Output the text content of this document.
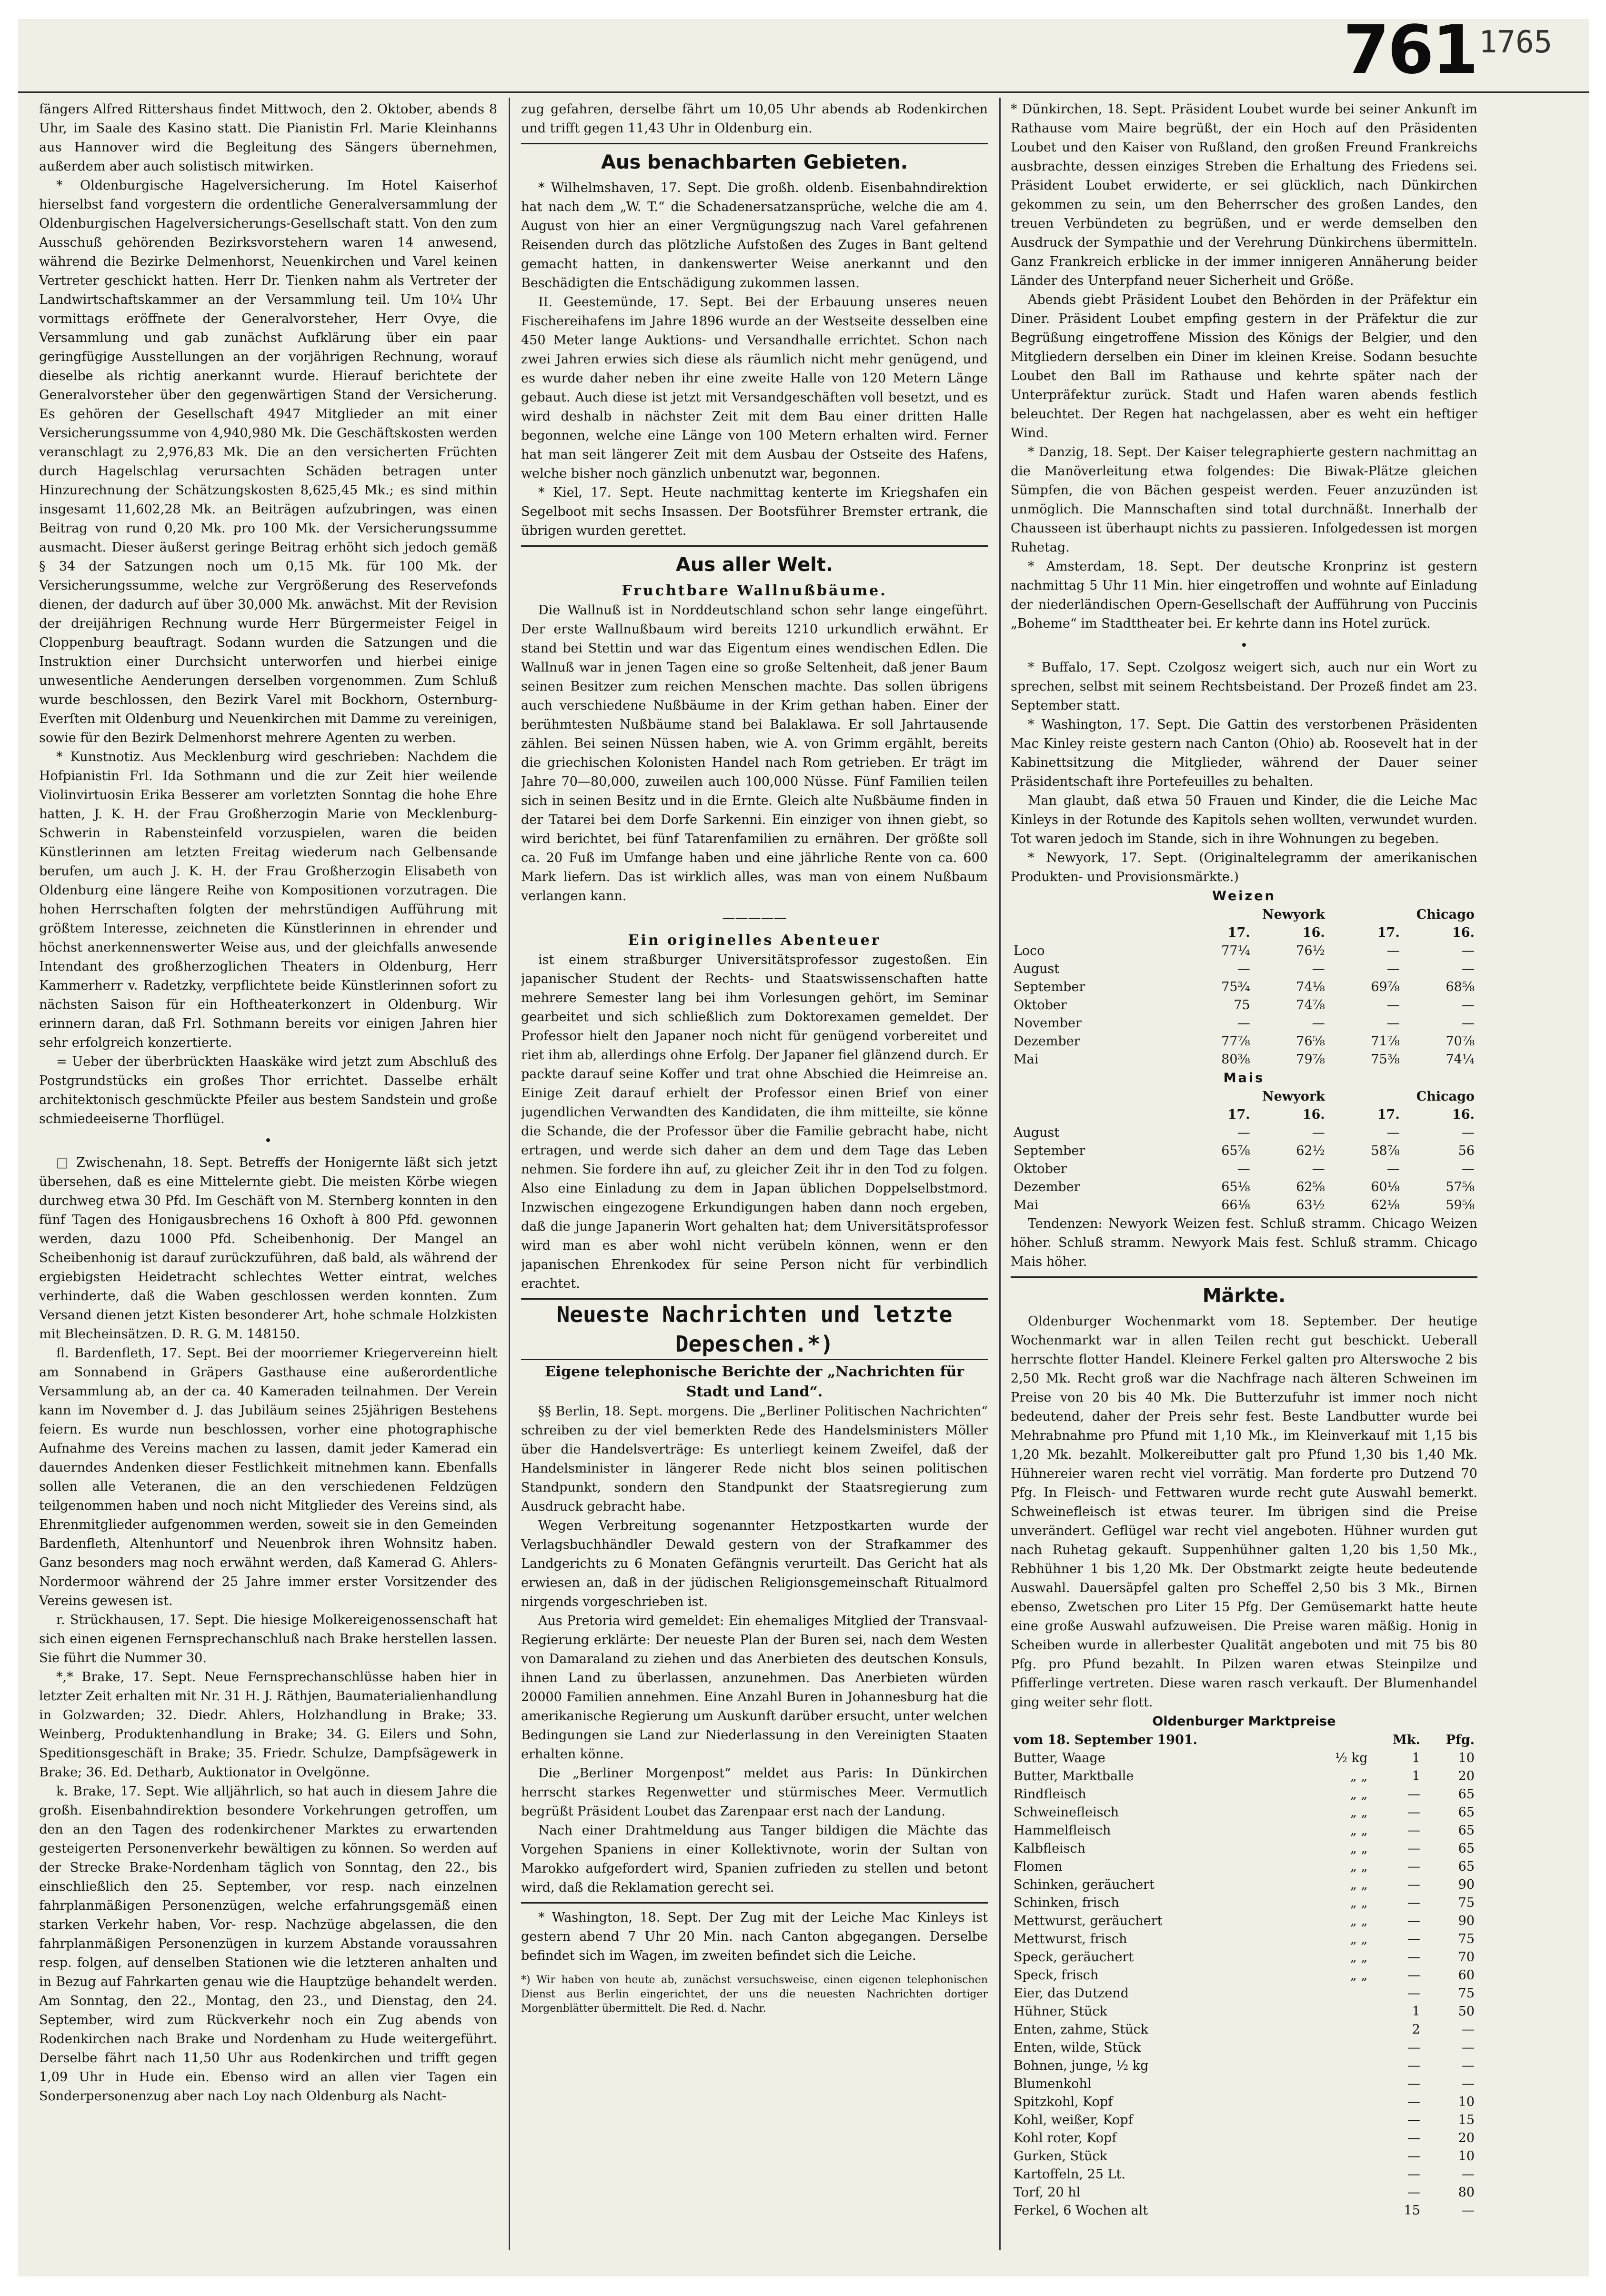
761 1765

fängers Alfred Rittershaus findet Mittwoch, den 2. Oktober, abends 8 Uhr, im Saale des Kasino statt. Die Pianistin Frl. Marie Kleinhanns aus Hannover wird die Begleitung des Sängers übernehmen, außerdem aber auch solistisch mitwirken.

* Oldenburgische Hagelversicherung. Im Hotel Kaiserhof hierselbst fand vorgestern die ordentliche Generalversammlung der Oldenburgischen Hagelversicherungs-Gesellschaft statt. Von den zum Ausschuß gehörenden Bezirksvorstehern waren 14 anwesend, während die Bezirke Delmenhorst, Neuenkirchen und Varel keinen Vertreter geschickt hatten. Herr Dr. Tienken nahm als Vertreter der Landwirtschaftskammer an der Versammlung teil. Um 10¼ Uhr vormittags eröffnete der Generalvorsteher, Herr Ovye, die Versammlung und gab zunächst Aufklärung über ein paar geringfügige Ausstellungen an der vorjährigen Rechnung, worauf dieselbe als richtig anerkannt wurde. Hierauf berichtete der Generalvorsteher über den gegenwärtigen Stand der Versicherung. Es gehören der Gesellschaft 4947 Mitglieder an mit einer Versicherungssumme von 4,940,980 Mk. Die Geschäftskosten werden veranschlagt zu 2,976,83 Mk. Die an den versicherten Früchten durch Hagelschlag verursachten Schäden betragen unter Hinzurechnung der Schätzungskosten 8,625,45 Mk.; es sind mithin insgesamt 11,602,28 Mk. an Beiträgen aufzubringen, was einen Beitrag von rund 0,20 Mk. pro 100 Mk. der Versicherungssumme ausmacht. Dieser äußerst geringe Beitrag erhöht sich jedoch gemäß § 34 der Satzungen noch um 0,15 Mk. für 100 Mk. der Versicherungssumme, welche zur Vergrößerung des Reservefonds dienen, der dadurch auf über 30,000 Mk. anwächst. Mit der Revision der dreijährigen Rechnung wurde Herr Bürgermeister Feigel in Cloppenburg beauftragt. Sodann wurden die Satzungen und die Instruktion einer Durchsicht unterworfen und hierbei einige unwesentliche Aenderungen derselben vorgenommen. Zum Schluß wurde beschlossen, den Bezirk Varel mit Bockhorn, Osternburg-Everſten mit Oldenburg und Neuenkirchen mit Damme zu vereinigen, sowie für den Bezirk Delmenhorst mehrere Agenten zu werben.

* Kunstnotiz. Aus Mecklenburg wird geschrieben: Nachdem die Hofpianistin Frl. Ida Sothmann und die zur Zeit hier weilende Violinvirtuosin Erika Besserer am vorletzten Sonntag die hohe Ehre hatten, J. K. H. der Frau Großherzogin Marie von Mecklenburg-Schwerin in Rabensteinfeld vorzuspielen, waren die beiden Künstlerinnen am letzten Freitag wiederum nach Gelbensande berufen, um auch J. K. H. der Frau Großherzogin Elisabeth von Oldenburg eine längere Reihe von Kompositionen vorzutragen. Die hohen Herrschaften folgten der mehrstündigen Aufführung mit größtem Interesse, zeichneten die Künstlerinnen in ehrender und höchst anerkennenswerter Weise aus, und der gleichfalls anwesende Intendant des großherzoglichen Theaters in Oldenburg, Herr Kammerherr v. Radetzky, verpflichtete beide Künstlerinnen sofort zu nächsten Saison für ein Hoftheaterkonzert in Oldenburg. Wir erinnern daran, daß Frl. Sothmann bereits vor einigen Jahren hier sehr erfolgreich konzertierte.

= Ueber der überbrückten Haaskäke wird jetzt zum Abschluß des Postgrundstücks ein großes Thor errichtet. Dasselbe erhält architektonisch geschmückte Pfeiler aus bestem Sandstein und große schmiedeeiserne Thorflügel.

•

□ Zwischenahn, 18. Sept. Betreffs der Honigernte läßt sich jetzt übersehen, daß es eine Mittelernte giebt. Die meisten Körbe wiegen durchweg etwa 30 Pfd. Im Geschäft von M. Sternberg konnten in den fünf Tagen des Honigausbrechens 16 Oxhoft à 800 Pfd. gewonnen werden, dazu 1000 Pfd. Scheibenhonig. Der Mangel an Scheibenhonig ist darauf zurückzuführen, daß bald, als während der ergiebigsten Heidetracht schlechtes Wetter eintrat, welches verhinderte, daß die Waben geschlossen werden konnten. Zum Versand dienen jetzt Kisten besonderer Art, hohe schmale Holzkisten mit Blecheinsätzen. D. R. G. M. 148150.

fl. Bardenfleth, 17. Sept. Bei der moorriemer Kriegervereinn hielt am Sonnabend in Gräpers Gasthause eine außerordentliche Versammlung ab, an der ca. 40 Kameraden teilnahmen. Der Verein kann im November d. J. das Jubiläum seines 25jährigen Bestehens feiern. Es wurde nun beschlossen, vorher eine photographische Aufnahme des Vereins machen zu lassen, damit jeder Kamerad ein dauerndes Andenken dieser Festlichkeit mitnehmen kann. Ebenfalls sollen alle Veteranen, die an den verschiedenen Feldzügen teilgenommen haben und noch nicht Mitglieder des Vereins sind, als Ehrenmitglieder aufgenommen werden, soweit sie in den Gemeinden Bardenfleth, Altenhuntorf und Neuenbrok ihren Wohnsitz haben. Ganz besonders mag noch erwähnt werden, daß Kamerad G. Ahlers-Nordermoor während der 25 Jahre immer erster Vorsitzender des Vereins gewesen ist.

r. Strückhausen, 17. Sept. Die hiesige Molkereigenossenschaft hat sich einen eigenen Fernsprechanschluß nach Brake herstellen lassen. Sie führt die Nummer 30.

*,* Brake, 17. Sept. Neue Fernsprechanschlüsse haben hier in letzter Zeit erhalten mit Nr. 31 H. J. Räthjen, Baumaterialienhandlung in Golzwarden; 32. Diedr. Ahlers, Holzhandlung in Brake; 33. Weinberg, Produktenhandlung in Brake; 34. G. Eilers und Sohn, Speditionsgeschäft in Brake; 35. Friedr. Schulze, Dampfsägewerk in Brake; 36. Ed. Detharb, Auktionator in Ovelgönne.

k. Brake, 17. Sept. Wie alljährlich, so hat auch in diesem Jahre die großh. Eisenbahndirektion besondere Vorkehrungen getroffen, um den an den Tagen des rodenkirchener Marktes zu erwartenden gesteigerten Personenverkehr bewältigen zu können. So werden auf der Strecke Brake-Nordenham täglich von Sonntag, den 22., bis einschließlich den 25. September, vor resp. nach einzelnen fahrplanmäßigen Personenzügen, welche erfahrungsgemäß einen starken Verkehr haben, Vor- resp. Nachzüge abgelassen, die den fahrplanmäßigen Personenzügen in kurzem Abstande voraussahren resp. folgen, auf denselben Stationen wie die letzteren anhalten und in Bezug auf Fahrkarten genau wie die Hauptzüge behandelt werden. Am Sonntag, den 22., Montag, den 23., und Dienstag, den 24. September, wird zum Rückverkehr noch ein Zug abends von Rodenkirchen nach Brake und Nordenham zu Hude weitergeführt. Derselbe fährt nach 11,50 Uhr aus Rodenkirchen und trifft gegen 1,09 Uhr in Hude ein. Ebenso wird an allen vier Tagen ein Sonderpersonenzug aber nach Loy nach Oldenburg als Nacht-

zug gefahren, derselbe fährt um 10,05 Uhr abends ab Rodenkirchen und trifft gegen 11,43 Uhr in Oldenburg ein.

Aus benachbarten Gebieten.

* Wilhelmshaven, 17. Sept. Die großh. oldenb. Eisenbahndirektion hat nach dem „W. T.“ die Schadenersatzansprüche, welche die am 4. August von hier an einer Vergnügungszug nach Varel gefahrenen Reisenden durch das plötzliche Aufstoßen des Zuges in Bant geltend gemacht hatten, in dankenswerter Weise anerkannt und den Beschädigten die Entschädigung zukommen lassen.

II. Geestemünde, 17. Sept. Bei der Erbauung unseres neuen Fischereihafens im Jahre 1896 wurde an der Westseite desselben eine 450 Meter lange Auktions- und Versandhalle errichtet. Schon nach zwei Jahren erwies sich diese als räumlich nicht mehr genügend, und es wurde daher neben ihr eine zweite Halle von 120 Metern Länge gebaut. Auch diese ist jetzt mit Versandgeschäften voll besetzt, und es wird deshalb in nächster Zeit mit dem Bau einer dritten Halle begonnen, welche eine Länge von 100 Metern erhalten wird. Ferner hat man seit längerer Zeit mit dem Ausbau der Ostseite des Hafens, welche bisher noch gänzlich unbenutzt war, begonnen.

* Kiel, 17. Sept. Heute nachmittag kenterte im Kriegshafen ein Segelboot mit sechs Insassen. Der Bootsführer Bremster ertrank, die übrigen wurden gerettet.

Aus aller Welt.
Fruchtbare Wallnußbäume.

Die Wallnuß ist in Norddeutschland schon sehr lange eingeführt. Der erste Wallnußbaum wird bereits 1210 urkundlich erwähnt. Er stand bei Stettin und war das Eigentum eines wendischen Edlen. Die Wallnuß war in jenen Tagen eine so große Seltenheit, daß jener Baum seinen Besitzer zum reichen Menschen machte. Das sollen übrigens auch verschiedene Nußbäume in der Krim gethan haben. Einer der berühmtesten Nußbäume stand bei Balaklawa. Er soll Jahrtausende zählen. Bei seinen Nüssen haben, wie A. von Grimm ergählt, bereits die griechischen Kolonisten Handel nach Rom getrieben. Er trägt im Jahre 70—80,000, zuweilen auch 100,000 Nüsse. Fünf Familien teilen sich in seinen Besitz und in die Ernte. Gleich alte Nußbäume finden in der Tatarei bei dem Dorfe Sarkenni. Ein einziger von ihnen giebt, so wird berichtet, bei fünf Tatarenfamilien zu ernähren. Der größte soll ca. 20 Fuß im Umfange haben und eine jährliche Rente von ca. 600 Mark liefern. Das ist wirklich alles, was man von einem Nußbaum verlangen kann.

—————
Ein originelles Abenteuer

ist einem straßburger Universitätsprofessor zugestoßen. Ein japanischer Student der Rechts- und Staatswissenschaften hatte mehrere Semester lang bei ihm Vorlesungen gehört, im Seminar gearbeitet und sich schließlich zum Doktorexamen gemeldet. Der Professor hielt den Japaner noch nicht für genügend vorbereitet und riet ihm ab, allerdings ohne Erfolg. Der Japaner fiel glänzend durch. Er packte darauf seine Koffer und trat ohne Abschied die Heimreise an. Einige Zeit darauf erhielt der Professor einen Brief von einer jugendlichen Verwandten des Kandidaten, die ihm mitteilte, sie könne die Schande, die der Professor über die Familie gebracht habe, nicht ertragen, und werde sich daher an dem und dem Tage das Leben nehmen. Sie fordere ihn auf, zu gleicher Zeit ihr in den Tod zu folgen. Also eine Einladung zu dem in Japan üblichen Doppelselbstmord. Inzwischen eingezogene Erkundigungen haben dann noch ergeben, daß die junge Japanerin Wort gehalten hat; dem Universitätsprofessor wird man es aber wohl nicht verübeln können, wenn er den japanischen Ehrenkodex für seine Person nicht für verbindlich erachtet.

Neueste Nachrichten und letzte Depeschen.*)
Eigene telephonische Berichte der „Nachrichten für Stadt und Land“.

§§ Berlin, 18. Sept. morgens. Die „Berliner Politischen Nachrichten“ schreiben zu der viel bemerkten Rede des Handelsministers Möller über die Handelsverträge: Es unterliegt keinem Zweifel, daß der Handelsminister in längerer Rede nicht blos seinen politischen Standpunkt, sondern den Standpunkt der Staatsregierung zum Ausdruck gebracht habe.

Wegen Verbreitung sogenannter Hetzpostkarten wurde der Verlagsbuchhändler Dewald gestern von der Strafkammer des Landgerichts zu 6 Monaten Gefängnis verurteilt. Das Gericht hat als erwiesen an, daß in der jüdischen Religionsgemeinschaft Ritualmord nirgends vorgeschrieben ist.

Aus Pretoria wird gemeldet: Ein ehemaliges Mitglied der Transvaal-Regierung erklärte: Der neueste Plan der Buren sei, nach dem Westen von Damaraland zu ziehen und das Anerbieten des deutschen Konsuls, ihnen Land zu überlassen, anzunehmen. Das Anerbieten würden 20000 Familien annehmen. Eine Anzahl Buren in Johannesburg hat die amerikanische Regierung um Auskunft darüber ersucht, unter welchen Bedingungen sie Land zur Niederlassung in den Vereinigten Staaten erhalten könne.

Die „Berliner Morgenpost“ meldet aus Paris: In Dünkirchen herrscht starkes Regenwetter und stürmisches Meer. Vermutlich begrüßt Präsident Loubet das Zarenpaar erst nach der Landung.

Nach einer Drahtmeldung aus Tanger bildigen die Mächte das Vorgehen Spaniens in einer Kollektivnote, worin der Sultan von Marokko aufgefordert wird, Spanien zufrieden zu stellen und betont wird, daß die Reklamation gerecht sei.

* Washington, 18. Sept. Der Zug mit der Leiche Mac Kinleys ist gestern abend 7 Uhr 20 Min. nach Canton abgegangen. Derselbe befindet sich im Wagen, im zweiten befindet sich die Leiche.

*) Wir haben von heute ab, zunächst versuchsweise, einen eigenen telephonischen Dienst aus Berlin eingerichtet, der uns die neuesten Nachrichten dortiger Morgenblätter übermittelt. Die Red. d. Nachr.

* Dünkirchen, 18. Sept. Präsident Loubet wurde bei seiner Ankunft im Rathause vom Maire begrüßt, der ein Hoch auf den Präsidenten Loubet und den Kaiser von Rußland, den großen Freund Frankreichs ausbrachte, dessen einziges Streben die Erhaltung des Friedens sei. Präsident Loubet erwiderte, er sei glücklich, nach Dünkirchen gekommen zu sein, um den Beherrscher des großen Landes, den treuen Verbündeten zu begrüßen, und er werde demselben den Ausdruck der Sympathie und der Verehrung Dünkirchens übermitteln. Ganz Frankreich erblicke in der immer innigeren Annäherung beider Länder des Unterpfand neuer Sicherheit und Größe.

Abends giebt Präsident Loubet den Behörden in der Präfektur ein Diner. Präsident Loubet empfing gestern in der Präfektur die zur Begrüßung eingetroffene Mission des Königs der Belgier, und den Mitgliedern derselben ein Diner im kleinen Kreise. Sodann besuchte Loubet den Ball im Rathause und kehrte später nach der Unterpräfektur zurück. Stadt und Hafen waren abends festlich beleuchtet. Der Regen hat nachgelassen, aber es weht ein heftiger Wind.

* Danzig, 18. Sept. Der Kaiser telegraphierte gestern nachmittag an die Manöverleitung etwa folgendes: Die Biwak-Plätze gleichen Sümpfen, die von Bächen gespeist werden. Feuer anzuzünden ist unmöglich. Die Mannschaften sind total durchnäßt. Innerhalb der Chausseen ist überhaupt nichts zu passieren. Infolgedessen ist morgen Ruhetag.

* Amsterdam, 18. Sept. Der deutsche Kronprinz ist gestern nachmittag 5 Uhr 11 Min. hier eingetroffen und wohnte auf Einladung der niederländischen Opern-Gesellschaft der Aufführung von Puccinis „Boheme“ im Stadttheater bei. Er kehrte dann ins Hotel zurück.

•

* Buffalo, 17. Sept. Czolgosz weigert sich, auch nur ein Wort zu sprechen, selbst mit seinem Rechtsbeistand. Der Prozeß findet am 23. September statt.

* Washington, 17. Sept. Die Gattin des verstorbenen Präsidenten Mac Kinley reiste gestern nach Canton (Ohio) ab. Roosevelt hat in der Kabinettsitzung die Mitglieder, während der Dauer seiner Präsidentschaft ihre Portefeuilles zu behalten.

Man glaubt, daß etwa 50 Frauen und Kinder, die die Leiche Mac Kinleys in der Rotunde des Kapitols sehen wollten, verwundet wurden. Tot waren jedoch im Stande, sich in ihre Wohnungen zu begeben.

* Newyork, 17. Sept. (Originaltelegramm der amerikanischen Produkten- und Provisionsmärkte.)

Weizen
	Newyork		Chicago	
	17.	16.	17.	16.
Loco	77¼	76½	—	—
August	—	—	—	—
September	75¾	74⅛	69⅞	68⅝
Oktober	75	74⅞	—	—
November	—	—	—	—
Dezember	77⅞	76⅝	71⅞	70⅞
Mai	80⅜	79⅞	75⅜	74¼
Mais
	Newyork		Chicago	
	17.	16.	17.	16.
August	—	—	—	—
September	65⅞	62½	58⅞	56
Oktober	—	—	—	—
Dezember	65⅛	62⅝	60⅛	57⅝
Mai	66⅛	63½	62⅛	59⅝

Tendenzen: Newyork Weizen fest. Schluß stramm. Chicago Weizen höher. Schluß stramm. Newyork Mais fest. Schluß stramm. Chicago Mais höher.

Märkte.

Oldenburger Wochenmarkt vom 18. September. Der heutige Wochenmarkt war in allen Teilen recht gut beschickt. Ueberall herrschte flotter Handel. Kleinere Ferkel galten pro Alterswoche 2 bis 2,50 Mk. Recht groß war die Nachfrage nach älteren Schweinen im Preise von 20 bis 40 Mk. Die Butterzufuhr ist immer noch nicht bedeutend, daher der Preis sehr fest. Beste Landbutter wurde bei Mehrabnahme pro Pfund mit 1,10 Mk., im Kleinverkauf mit 1,15 bis 1,20 Mk. bezahlt. Molkereibutter galt pro Pfund 1,30 bis 1,40 Mk. Hühnereier waren recht viel vorrätig. Man forderte pro Dutzend 70 Pfg. In Fleisch- und Fettwaren wurde recht gute Auswahl bemerkt. Schweinefleisch ist etwas teurer. Im übrigen sind die Preise unverändert. Geflügel war recht viel angeboten. Hühner wurden gut nach Ruhetag gekauft. Suppenhühner galten 1,20 bis 1,50 Mk., Rebhühner 1 bis 1,20 Mk. Der Obstmarkt zeigte heute bedeutende Auswahl. Dauersäpfel galten pro Scheffel 2,50 bis 3 Mk., Birnen ebenso, Zwetschen pro Liter 15 Pfg. Der Gemüsemarkt hatte heute eine große Auswahl aufzuweisen. Die Preise waren mäßig. Honig in Scheiben wurde in allerbester Qualität angeboten und mit 75 bis 80 Pfg. pro Pfund bezahlt. In Pilzen waren etwas Steinpilze und Pfifferlinge vertreten. Diese waren rasch verkauft. Der Blumenhandel ging weiter sehr flott.

Oldenburger Marktpreise
vom 18. September 1901.		Mk.	Pfg.
Butter, Waage	½ kg	1	10
Butter, Marktballe	„ „	1	20
Rindfleisch	„ „	—	65
Schweinefleisch	„ „	—	65
Hammelfleisch	„ „	—	65
Kalbfleisch	„ „	—	65
Flomen	„ „	—	65
Schinken, geräuchert	„ „	—	90
Schinken, frisch	„ „	—	75
Mettwurst, geräuchert	„ „	—	90
Mettwurst, frisch	„ „	—	75
Speck, geräuchert	„ „	—	70
Speck, frisch	„ „	—	60
Eier, das Dutzend		—	75
Hühner, Stück		1	50
Enten, zahme, Stück		2	—
Enten, wilde, Stück		—	—
Bohnen, junge, ½ kg		—	—
Blumenkohl		—	—
Spitzkohl, Kopf		—	10
Kohl, weißer, Kopf		—	15
Kohl roter, Kopf		—	20
Gurken, Stück		—	10
Kartoffeln, 25 Lt.		—	—
Torf, 20 hl		—	80
Ferkel, 6 Wochen alt		15	—
